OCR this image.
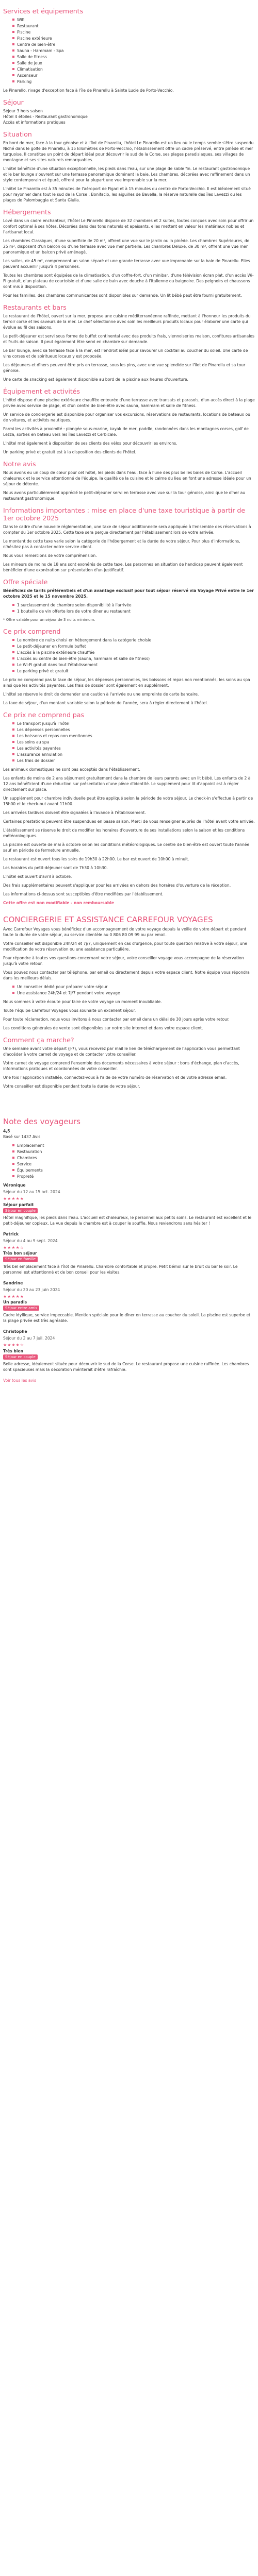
Services et équipements
Wifi
Restaurant
Piscine
Piscine extérieure
Centre de bien-être
Sauna - Hammam - Spa
Salle de fitness
Salle de jeux
Climatisation
Ascenseur
Parking

Le Pinarello, rivage d'exception face à l'île de Pinarellu à Sainte Lucie de Porto-Vecchio.

Séjour

Séjour 3 hors saison

Hôtel 4 étoiles - Restaurant gastronomique

Accès et informations pratiques

Situation

En bord de mer, face à la tour génoise et à l'îlot de Pinarellu, l'hôtel Le Pinarello est un lieu où le temps semble s'être suspendu. Niché dans le golfe de Pinarellu, à 15 kilomètres de Porto-Vecchio, l'établissement offre un cadre préservé, entre pinède et mer turquoise. Il constitue un point de départ idéal pour découvrir le sud de la Corse, ses plages paradisiaques, ses villages de montagne et ses sites naturels remarquables.

L'hôtel bénéficie d'une situation exceptionnelle, les pieds dans l'eau, sur une plage de sable fin. Le restaurant gastronomique et le bar lounge s'ouvrent sur une terrasse panoramique dominant la baie. Les chambres, décorées avec raffinement dans un style contemporain et épuré, offrent pour la plupart une vue imprenable sur la mer.

L'hôtel Le Pinarello est à 35 minutes de l'aéroport de Figari et à 15 minutes du centre de Porto-Vecchio. Il est idéalement situé pour rayonner dans tout le sud de la Corse : Bonifacio, les aiguilles de Bavella, la réserve naturelle des îles Lavezzi ou les plages de Palombaggia et Santa Giulia.

Hébergements

Lové dans un cadre enchanteur, l'hôtel Le Pinarello dispose de 32 chambres et 2 suites, toutes conçues avec soin pour offrir un confort optimal à ses hôtes. Décorées dans des tons naturels et apaisants, elles mettent en valeur les matériaux nobles et l'artisanat local.

Les chambres Classiques, d'une superficie de 20 m², offrent une vue sur le jardin ou la pinède. Les chambres Supérieures, de 25 m², disposent d'un balcon ou d'une terrasse avec vue mer partielle. Les chambres Deluxe, de 30 m², offrent une vue mer panoramique et un balcon privé aménagé.

Les suites, de 45 m², comprennent un salon séparé et une grande terrasse avec vue imprenable sur la baie de Pinarellu. Elles peuvent accueillir jusqu'à 4 personnes.

Toutes les chambres sont équipées de la climatisation, d'un coffre-fort, d'un minibar, d'une télévision écran plat, d'un accès Wi-Fi gratuit, d'un plateau de courtoisie et d'une salle de bain avec douche à l'italienne ou baignoire. Des peignoirs et chaussons sont mis à disposition.

Pour les familles, des chambres communicantes sont disponibles sur demande. Un lit bébé peut être fourni gratuitement.

Restaurants et bars

Le restaurant de l'hôtel, ouvert sur la mer, propose une cuisine méditerranéenne raffinée, mettant à l'honneur les produits du terroir corse et les saveurs de la mer. Le chef sélectionne avec soin les meilleurs produits locaux pour élaborer une carte qui évolue au fil des saisons.

Le petit-déjeuner est servi sous forme de buffet continental avec des produits frais, viennoiseries maison, confitures artisanales et fruits de saison. Il peut également être servi en chambre sur demande.

Le bar lounge, avec sa terrasse face à la mer, est l'endroit idéal pour savourer un cocktail au coucher du soleil. Une carte de vins corses et de spiritueux locaux y est proposée.

Les déjeuners et dîners peuvent être pris en terrasse, sous les pins, avec une vue splendide sur l'îlot de Pinarellu et sa tour génoise.

Une carte de snacking est également disponible au bord de la piscine aux heures d'ouverture.

Équipement et activités

L'hôtel dispose d'une piscine extérieure chauffée entourée d'une terrasse avec transats et parasols, d'un accès direct à la plage privée avec service de plage, et d'un centre de bien-être avec sauna, hammam et salle de fitness.

Un service de conciergerie est disponible pour organiser vos excursions, réservations de restaurants, locations de bateaux ou de voitures, et activités nautiques.

Parmi les activités à proximité : plongée sous-marine, kayak de mer, paddle, randonnées dans les montagnes corses, golf de Lezza, sorties en bateau vers les îles Lavezzi et Cerbicale.

L'hôtel met également à disposition de ses clients des vélos pour découvrir les environs.

Un parking privé et gratuit est à la disposition des clients de l'hôtel.

Notre avis

Nous avons eu un coup de cœur pour cet hôtel, les pieds dans l'eau, face à l'une des plus belles baies de Corse. L'accueil chaleureux et le service attentionné de l'équipe, la qualité de la cuisine et le calme du lieu en font une adresse idéale pour un séjour de détente.

Nous avons particulièrement apprécié le petit-déjeuner servi en terrasse avec vue sur la tour génoise, ainsi que le dîner au restaurant gastronomique.

Informations importantes : mise en place d'une taxe touristique à partir de 1er octobre 2025

Dans le cadre d'une nouvelle réglementation, une taxe de séjour additionnelle sera appliquée à l'ensemble des réservations à compter du 1er octobre 2025. Cette taxe sera perçue directement par l'établissement lors de votre arrivée.

Le montant de cette taxe varie selon la catégorie de l'hébergement et la durée de votre séjour. Pour plus d'informations, n'hésitez pas à contacter notre service client.

Nous vous remercions de votre compréhension.

Les mineurs de moins de 18 ans sont exonérés de cette taxe. Les personnes en situation de handicap peuvent également bénéficier d'une exonération sur présentation d'un justificatif.

Offre spéciale

Bénéficiez de tarifs préférentiels et d'un avantage exclusif pour tout séjour réservé via Voyage Privé entre le 1er octobre 2025 et le 15 novembre 2025.

1 surclassement de chambre selon disponibilité à l'arrivée
1 bouteille de vin offerte lors de votre dîner au restaurant

* Offre valable pour un séjour de 3 nuits minimum.

Ce prix comprend
Le nombre de nuits choisi en hébergement dans la catégorie choisie
Le petit-déjeuner en formule buffet
L'accès à la piscine extérieure chauffée
L'accès au centre de bien-être (sauna, hammam et salle de fitness)
Le Wi-Fi gratuit dans tout l'établissement
Le parking privé et gratuit

Le prix ne comprend pas la taxe de séjour, les dépenses personnelles, les boissons et repas non mentionnés, les soins au spa ainsi que les activités payantes. Les frais de dossier sont également en supplément.

L'hôtel se réserve le droit de demander une caution à l'arrivée ou une empreinte de carte bancaire.

La taxe de séjour, d'un montant variable selon la période de l'année, sera à régler directement à l'hôtel.

Ce prix ne comprend pas
Le transport jusqu'à l'hôtel
Les dépenses personnelles
Les boissons et repas non mentionnés
Les soins au spa
Les activités payantes
L'assurance annulation
Les frais de dossier

Les animaux domestiques ne sont pas acceptés dans l'établissement.

Les enfants de moins de 2 ans séjournent gratuitement dans la chambre de leurs parents avec un lit bébé. Les enfants de 2 à 12 ans bénéficient d'une réduction sur présentation d'une pièce d'identité. Le supplément pour lit d'appoint est à régler directement sur place.

Un supplément pour chambre individuelle peut être appliqué selon la période de votre séjour. Le check-in s'effectue à partir de 15h00 et le check-out avant 11h00.

Les arrivées tardives doivent être signalées à l'avance à l'établissement.

Certaines prestations peuvent être suspendues en basse saison. Merci de vous renseigner auprès de l'hôtel avant votre arrivée.

L'établissement se réserve le droit de modifier les horaires d'ouverture de ses installations selon la saison et les conditions météorologiques.

La piscine est ouverte de mai à octobre selon les conditions météorologiques. Le centre de bien-être est ouvert toute l'année sauf en période de fermeture annuelle.

Le restaurant est ouvert tous les soirs de 19h30 à 22h00. Le bar est ouvert de 10h00 à minuit.

Les horaires du petit-déjeuner sont de 7h30 à 10h30.

L'hôtel est ouvert d'avril à octobre.

Des frais supplémentaires peuvent s'appliquer pour les arrivées en dehors des horaires d'ouverture de la réception.

Les informations ci-dessus sont susceptibles d'être modifiées par l'établissement.

Cette offre est non modifiable - non remboursable

CONCIERGERIE ET ASSISTANCE CARREFOUR VOYAGES

Avec Carrefour Voyages vous bénéficiez d'un accompagnement de votre voyage depuis la veille de votre départ et pendant toute la durée de votre séjour, au service clientèle au 0 806 80 09 99 ou par email.

Votre conseiller est disponible 24h/24 et 7j/7, uniquement en cas d'urgence, pour toute question relative à votre séjour, une modification de votre réservation ou une assistance particulière.

Pour répondre à toutes vos questions concernant votre séjour, votre conseiller voyage vous accompagne de la réservation jusqu'à votre retour.

Vous pouvez nous contacter par téléphone, par email ou directement depuis votre espace client. Notre équipe vous répondra dans les meilleurs délais.

Un conseiller dédié pour préparer votre séjour
Une assistance 24h/24 et 7j/7 pendant votre voyage

Nous sommes à votre écoute pour faire de votre voyage un moment inoubliable.

Toute l'équipe Carrefour Voyages vous souhaite un excellent séjour.

Pour toute réclamation, nous vous invitons à nous contacter par email dans un délai de 30 jours après votre retour.

Les conditions générales de vente sont disponibles sur notre site internet et dans votre espace client.

Comment ça marche?

Une semaine avant votre départ (J-7), vous recevrez par mail le lien de téléchargement de l'application vous permettant d'accéder à votre carnet de voyage et de contacter votre conseiller.

Votre carnet de voyage comprend l'ensemble des documents nécessaires à votre séjour : bons d'échange, plan d'accès, informations pratiques et coordonnées de votre conseiller.

Une fois l'application installée, connectez-vous à l'aide de votre numéro de réservation et de votre adresse email.

Votre conseiller est disponible pendant toute la durée de votre séjour.

Note des voyageurs

4,5

Basé sur 1437 Avis

Emplacement
Restauration
Chambres
Service
Équipements
Propreté
Véronique
Séjour du 12 au 15 oct. 2024
★★★★★
Séjour parfait
Séjour en couple

Hôtel magnifique, les pieds dans l'eau. L'accueil est chaleureux, le personnel aux petits soins. Le restaurant est excellent et le petit-déjeuner copieux. La vue depuis la chambre est à couper le souffle. Nous reviendrons sans hésiter !

Patrick
Séjour du 4 au 9 sept. 2024
★★★★☆
Très bon séjour
Séjour en famille

Très bel emplacement face à l'îlot de Pinarellu. Chambre confortable et propre. Petit bémol sur le bruit du bar le soir. Le personnel est attentionné et de bon conseil pour les visites.

Sandrine
Séjour du 20 au 23 juin 2024
★★★★★
Un paradis
Séjour entre amis

Cadre idyllique, service impeccable. Mention spéciale pour le dîner en terrasse au coucher du soleil. La piscine est superbe et la plage privée est très agréable.

Christophe
Séjour du 2 au 7 juil. 2024
★★★★☆
Très bien
Séjour en couple

Belle adresse, idéalement située pour découvrir le sud de la Corse. Le restaurant propose une cuisine raffinée. Les chambres sont spacieuses mais la décoration mériterait d'être rafraîchie.

Voir tous les avis
